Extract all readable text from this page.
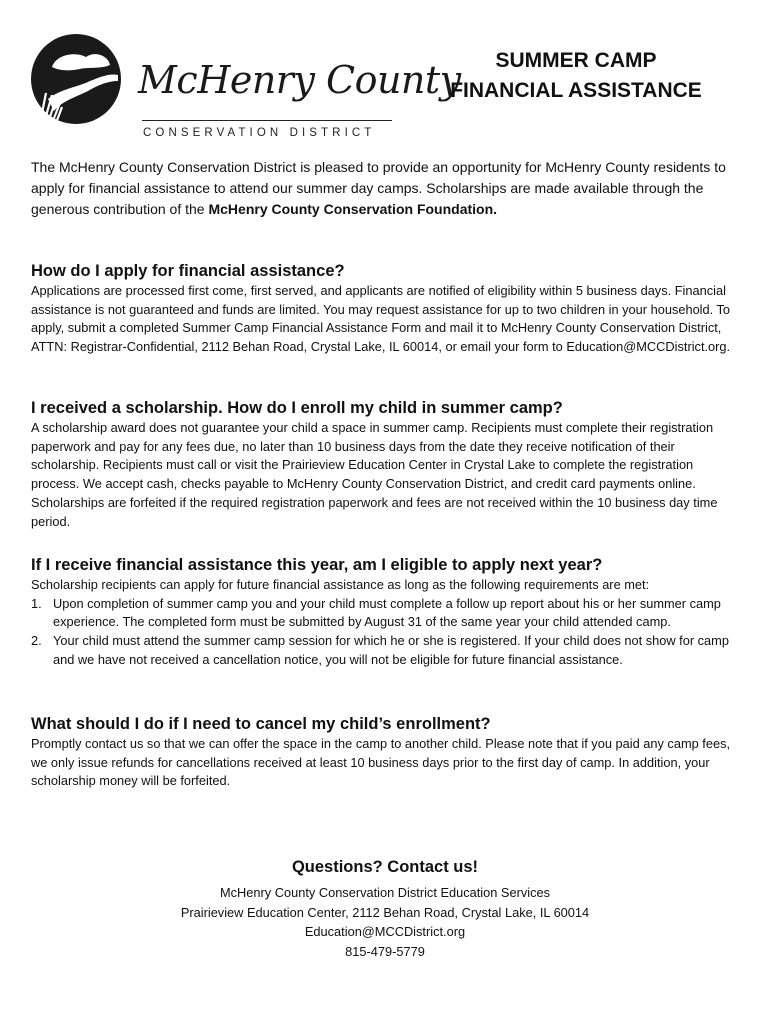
McHenry County
CONSERVATION DISTRICT
SUMMER CAMP
FINANCIAL ASSISTANCE

The McHenry County Conservation District is pleased to provide an opportunity for McHenry County residents to apply for financial assistance to attend our summer day camps. Scholarships are made available through the generous contribution of the McHenry County Conservation Foundation.

How do I apply for financial assistance?

Applications are processed first come, first served, and applicants are notified of eligibility within 5 business days. Financial assistance is not guaranteed and funds are limited. You may request assistance for up to two children in your household. To apply, submit a completed Summer Camp Financial Assistance Form and mail it to McHenry County Conservation District, ATTN: Registrar-Confidential, 2112 Behan Road, Crystal Lake, IL 60014, or email your form to Education@MCCDistrict.org.

I received a scholarship. How do I enroll my child in summer camp?

A scholarship award does not guarantee your child a space in summer camp. Recipients must complete their registration paperwork and pay for any fees due, no later than 10 business days from the date they receive notification of their scholarship. Recipients must call or visit the Prairieview Education Center in Crystal Lake to complete the registration process. We accept cash, checks payable to McHenry County Conservation District, and credit card payments online. Scholarships are forfeited if the required registration paperwork and fees are not received within the 10 business day time period.

If I receive financial assistance this year, am I eligible to apply next year?

Scholarship recipients can apply for future financial assistance as long as the following requirements are met:

1. Upon completion of summer camp you and your child must complete a follow up report about his or her summer camp experience. The completed form must be submitted by August 31 of the same year your child attended camp.
2. Your child must attend the summer camp session for which he or she is registered. If your child does not show for camp and we have not received a cancellation notice, you will not be eligible for future financial assistance.
What should I do if I need to cancel my child’s enrollment?

Promptly contact us so that we can offer the space in the camp to another child. Please note that if you paid any camp fees, we only issue refunds for cancellations received at least 10 business days prior to the first day of camp. In addition, your scholarship money will be forfeited.

Questions? Contact us!
McHenry County Conservation District Education Services
Prairieview Education Center, 2112 Behan Road, Crystal Lake, IL 60014
Education@MCCDistrict.org
815-479-5779
